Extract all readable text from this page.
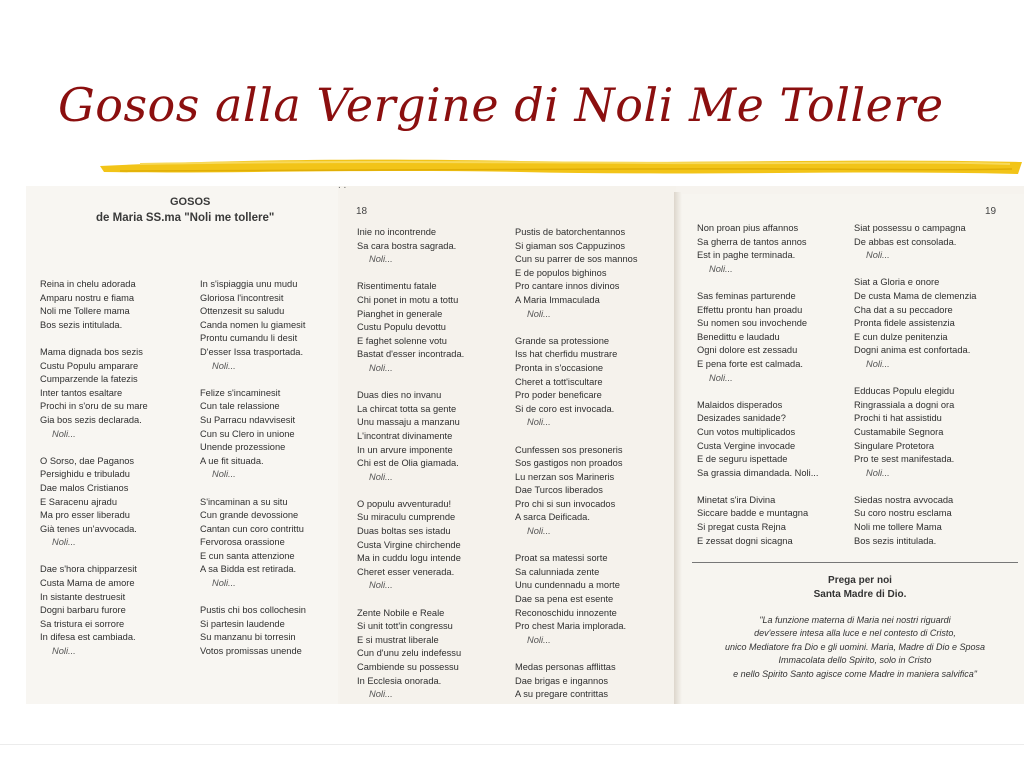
Gosos alla Vergine di Noli Me Tollere
. .
GOSOS
de Maria SS.ma "Noli me tollere"
Reina in chelu adorada
Amparu nostru e fiama
Noli me Tollere mama
Bos sezis intitulada.
Mama dignada bos sezis
Custu Populu amparare
Cumparzende la fatezis
Inter tantos esaltare
Prochi in s'oru de su mare
Gia bos sezis declarada.
Noli...
O Sorso, dae Paganos
Persighidu e tribuladu
Dae malos Cristianos
E Saracenu ajradu
Ma pro esser liberadu
Già tenes un'avvocada.
Noli...
Dae s'hora chipparzesit
Custa Mama de amore
In sistante destruesit
Dogni barbaru furore
Sa tristura ei sorrore
In difesa est cambiada.
Noli...
In s'ispiaggia unu mudu
Gloriosa l'incontresit
Ottenzesit su saludu
Canda nomen lu giamesit
Prontu cumandu li desit
D'esser Issa trasportada.
Noli...
Felize s'incaminesit
Cun tale relassione
Su Parracu ndavvisesit
Cun su Clero in unione
Unende prozessione
A ue fit situada.
Noli...
S'incaminan a su situ
Cun grande devossione
Cantan cun coro contrittu
Fervorosa orassione
E cun santa attenzione
A sa Bidda est retirada.
Noli...
Pustis chi bos collochesin
Si partesin laudende
Su manzanu bi torresin
Votos promissas unende
18
Inie no incontrende
Sa cara bostra sagrada.
Noli...
Risentimentu fatale
Chi ponet in motu a tottu
Pianghet in generale
Custu Populu devottu
E faghet solenne votu
Bastat d'esser incontrada.
Noli...
Duas dies no invanu
La chircat totta sa gente
Unu massaju a manzanu
L'incontrat divinamente
In un arvure imponente
Chi est de Olia giamada.
Noli...
O populu avventuradu!
Su miraculu cumprende
Duas boltas ses istadu
Custa Virgine chirchende
Ma in cuddu logu intende
Cheret esser venerada.
Noli...
Zente Nobile e Reale
Si unit tott'in congressu
E si mustrat liberale
Cun d'unu zelu indefessu
Cambiende su possessu
In Ecclesia onorada.
Noli...
Pustis de batorchentannos
Si giaman sos Cappuzinos
Cun su parrer de sos mannos
E de populos bighinos
Pro cantare innos divinos
A Maria Immaculada
Noli...
Grande sa protessione
Iss hat cherfidu mustrare
Pronta in s'occasione
Cheret a tott'iscultare
Pro poder beneficare
Si de coro est invocada.
Noli...
Cunfessen sos presoneris
Sos gastigos non proados
Lu nerzan sos Marineris
Dae Turcos liberados
Pro chi si sun invocados
A sarca Deificada.
Noli...
Proat sa matessi sorte
Sa calunniada zente
Unu cundennadu a morte
Dae sa pena est esente
Reconoschidu innozente
Pro chest Maria implorada.
Noli...
Medas personas afflittas
Dae brigas e ingannos
A su pregare contrittas
19
Non proan pius affannos
Sa gherra de tantos annos
Est in paghe terminada.
Noli...
Sas feminas parturende
Effettu prontu han proadu
Su nomen sou invochende
Benedittu e laudadu
Ogni dolore est zessadu
E pena forte est calmada.
Noli...
Malaidos disperados
Desizades sanidade?
Cun votos multiplicados
Custa Vergine invocade
E de seguru ispettade
Sa grassia dimandada. Noli...
Minetat s'ira Divina
Siccare badde e muntagna
Si pregat custa Rejna
E zessat dogni sicagna
Siat possessu o campagna
De abbas est consolada.
Noli...
Siat a Gloria e onore
De custa Mama de clemenzia
Cha dat a su peccadore
Pronta fidele assistenzia
E cun dulze penitenzia
Dogni anima est confortada.
Noli...
Edducas Populu elegidu
Ringrassiala a dogni ora
Prochi ti hat assistidu
Custamabile Segnora
Singulare Protetora
Pro te sest manifestada.
Noli...
Siedas nostra avvocada
Su coro nostru esclama
Noli me tollere Mama
Bos sezis intitulada.
Prega per noi
Santa Madre di Dio.
"La funzione materna di Maria nei nostri riguardi
dev'essere intesa alla luce e nel contesto di Cristo,
unico Mediatore fra Dio e gli uomini. Maria, Madre di Dio e Sposa
Immacolata dello Spirito, solo in Cristo
e nello Spirito Santo agisce come Madre in maniera salvifica"
